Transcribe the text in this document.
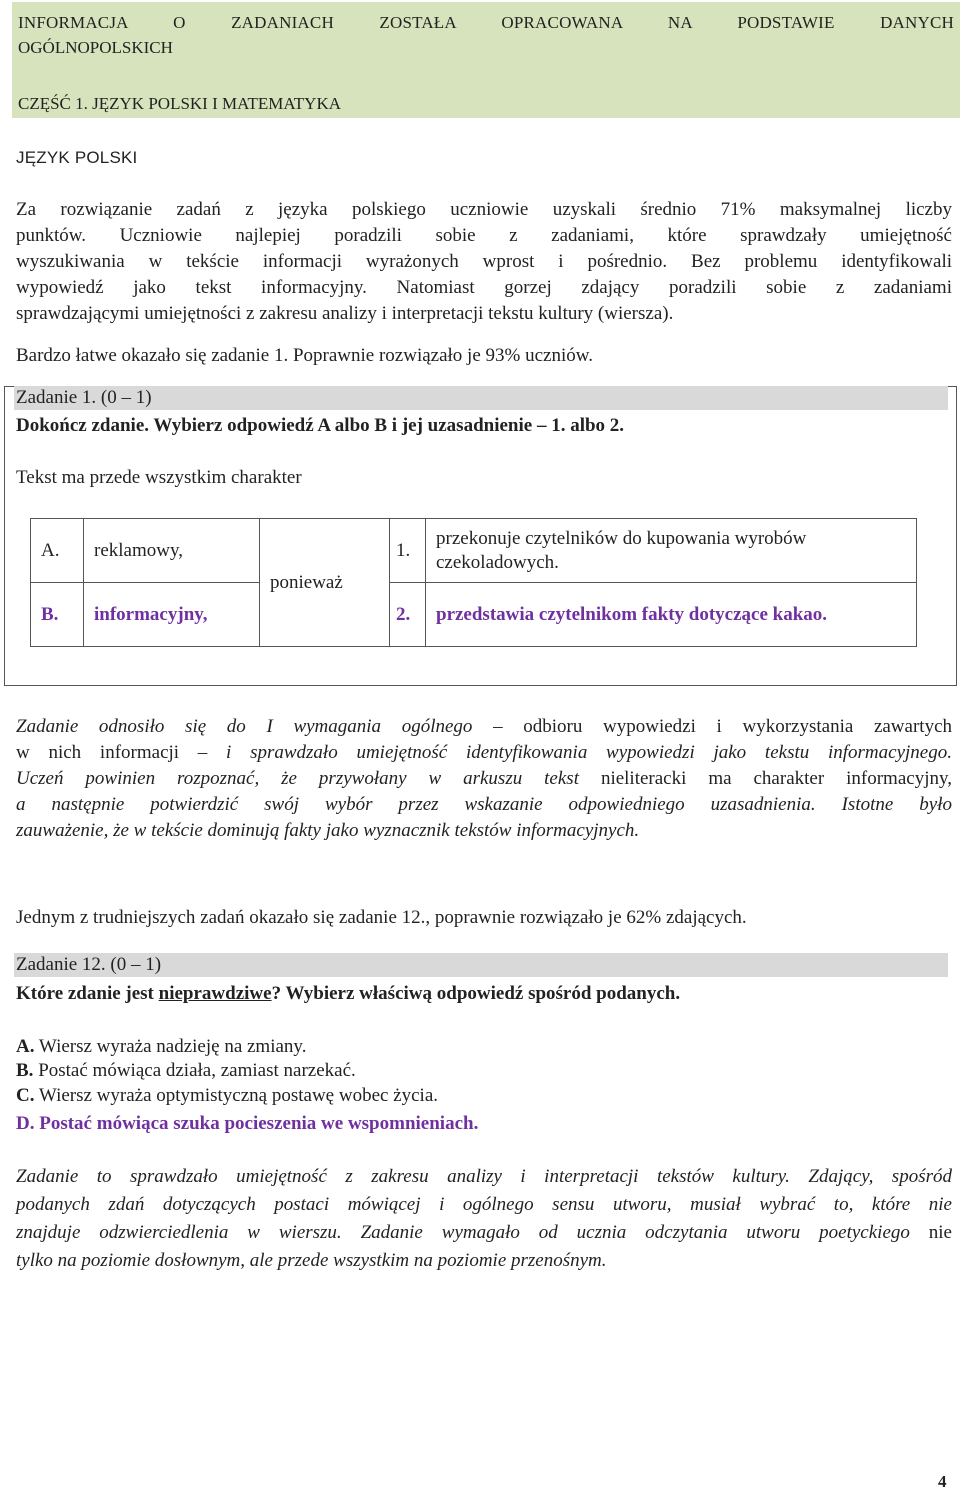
INFORMACJA O ZADANIACH ZOSTAŁA OPRACOWANA NA PODSTAWIE DANYCH
OGÓLNOPOLSKICH
CZĘŚĆ 1. JĘZYK POLSKI I MATEMATYKA
JĘZYK POLSKI
Za rozwiązanie zadań z języka polskiego uczniowie uzyskali średnio 71% maksymalnej liczby
punktów. Uczniowie najlepiej poradzili sobie z zadaniami, które sprawdzały umiejętność
wyszukiwania w tekście informacji wyrażonych wprost i pośrednio. Bez problemu identyfikowali
wypowiedź jako tekst informacyjny. Natomiast gorzej zdający poradzili sobie z zadaniami
sprawdzającymi umiejętności z zakresu analizy i interpretacji tekstu kultury (wiersza).
Bardzo łatwe okazało się zadanie 1. Poprawnie rozwiązało je 93% uczniów.
Zadanie 1. (0 – 1)
Dokończ zdanie. Wybierz odpowiedź A albo B i jej uzasadnienie – 1. albo 2.
Tekst ma przede wszystkim charakter
A.	reklamowy,	ponieważ	1.	przekonuje czytelników do kupowania wyrobów czekoladowych.
B.	informacyjny,		2.	przedstawia czytelnikom fakty dotyczące kakao.
Zadanie odnosiło się do I wymagania ogólnego – odbioru wypowiedzi i wykorzystania zawartych
w nich informacji – i sprawdzało umiejętność identyfikowania wypowiedzi jako tekstu informacyjnego.
Uczeń powinien rozpoznać, że przywołany w arkuszu tekst nieliteracki ma charakter informacyjny,
a następnie potwierdzić swój wybór przez wskazanie odpowiedniego uzasadnienia. Istotne było
zauważenie, że w tekście dominują fakty jako wyznacznik tekstów informacyjnych.
Jednym z trudniejszych zadań okazało się zadanie 12., poprawnie rozwiązało je 62% zdających.
Zadanie 12. (0 – 1)
Które zdanie jest nieprawdziwe? Wybierz właściwą odpowiedź spośród podanych.
A. Wiersz wyraża nadzieję na zmiany.
B. Postać mówiąca działa, zamiast narzekać.
C. Wiersz wyraża optymistyczną postawę wobec życia.
D. Postać mówiąca szuka pocieszenia we wspomnieniach.
Zadanie to sprawdzało umiejętność z zakresu analizy i interpretacji tekstów kultury. Zdający, spośród
podanych zdań dotyczących postaci mówiącej i ogólnego sensu utworu, musiał wybrać to, które nie
znajduje odzwierciedlenia w wierszu. Zadanie wymagało od ucznia odczytania utworu poetyckiego nie
tylko na poziomie dosłownym, ale przede wszystkim na poziomie przenośnym.
4
